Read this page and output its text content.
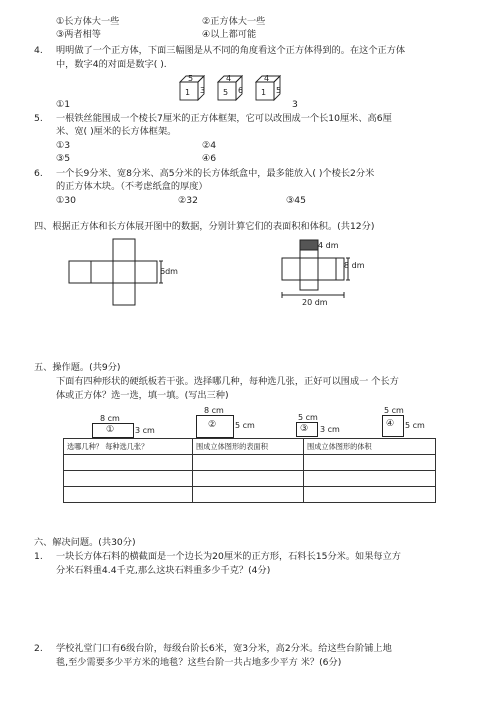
①长方体大一些	②正方体大一些
③两者相等	④以上都可能
4. 明明做了一个正方体，下面三幅图是从不同的角度看这个正方体得到的。在这个正方体
中，数字4的对面是数字( ).
5
1 3
4
5 6
4
1 5
①1	3
5. 一根铁丝能围成一个棱长7厘米的正方体框架，它可以改围成一个长10厘米、高6厘
米、宽( )厘米的长方体框架。
①3	②4
③5	④6
6. 一个长9分米、宽8分米、高5分米的长方体纸盒中，最多能放入( )个棱长2分米
的正方体木块。（不考虑纸盒的厚度）
①30	②32	③45
四、根据正方体和长方体展开图中的数据，分别计算它们的表面积和体积。(共12分)
6dm
4 dm
8 dm
20 dm
五、操作题。(共9分)
下面有四种形状的硬纸板若干张。选择哪几种，每种选几张，正好可以围成一 个长方
体或正方体？选一选，填一填。(写出三种)
8 cm
①	3 cm
8 cm
② 5 cm
5 cm
③ 3 cm
5 cm
④ 5 cm
选哪几种？ 每种选几张？	围成立体图形的表面积	围成立体图形的体积

六、解决问题。(共30分)
1. 一块长方体石料的横截面是一个边长为20厘米的正方形，石料长15分米。如果每立方
分米石料重4.4千克,那么这块石料重多少千克？(4分)
2. 学校礼堂门口有6级台阶，每级台阶长6米，宽3分米，高2分米。给这些台阶铺上地
毯,至少需要多少平方米的地毯？这些台阶一共占地多少平方 米？(6分)
